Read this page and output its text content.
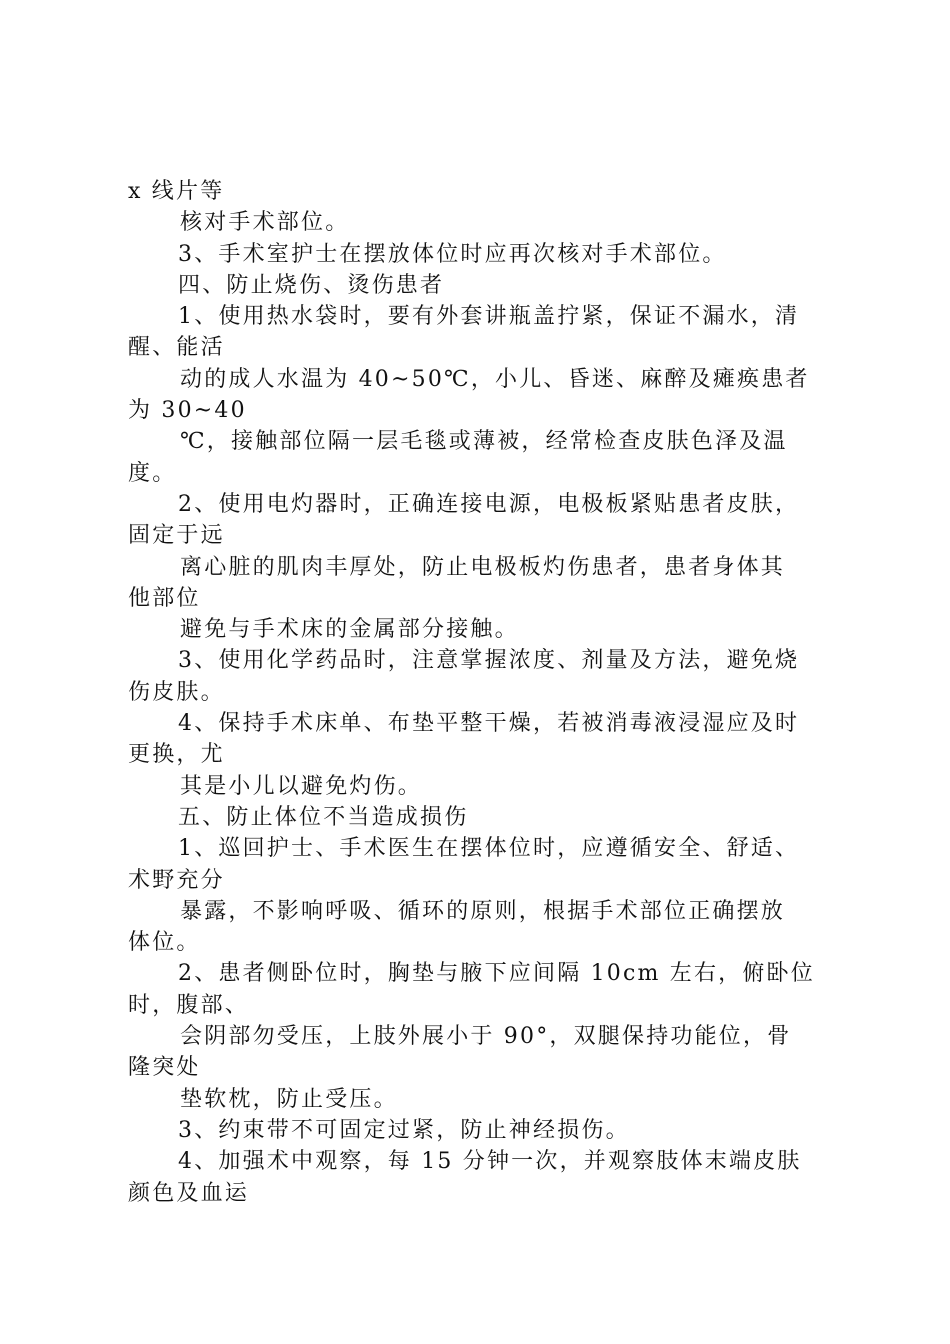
x 线片等
核对手术部位。
3、手术室护士在摆放体位时应再次核对手术部位。
四、防止烧伤、烫伤患者
1、使用热水袋时，要有外套讲瓶盖拧紧，保证不漏水，清
醒、能活
动的成人水温为 40~50℃，小儿、昏迷、麻醉及瘫痪患者
为 30~40
℃，接触部位隔一层毛毯或薄被，经常检查皮肤色泽及温
度。
2、使用电灼器时，正确连接电源，电极板紧贴患者皮肤，
固定于远
离心脏的肌肉丰厚处，防止电极板灼伤患者，患者身体其
他部位
避免与手术床的金属部分接触。
3、使用化学药品时，注意掌握浓度、剂量及方法，避免烧
伤皮肤。
4、保持手术床单、布垫平整干燥，若被消毒液浸湿应及时
更换，尤
其是小儿以避免灼伤。
五、防止体位不当造成损伤
1、巡回护士、手术医生在摆体位时，应遵循安全、舒适、
术野充分
暴露，不影响呼吸、循环的原则，根据手术部位正确摆放
体位。
2、患者侧卧位时，胸垫与腋下应间隔 10cm 左右，俯卧位
时，腹部、
会阴部勿受压，上肢外展小于 90°，双腿保持功能位，骨
隆突处
垫软枕，防止受压。
3、约束带不可固定过紧，防止神经损伤。
4、加强术中观察，每 15 分钟一次，并观察肢体末端皮肤
颜色及血运
